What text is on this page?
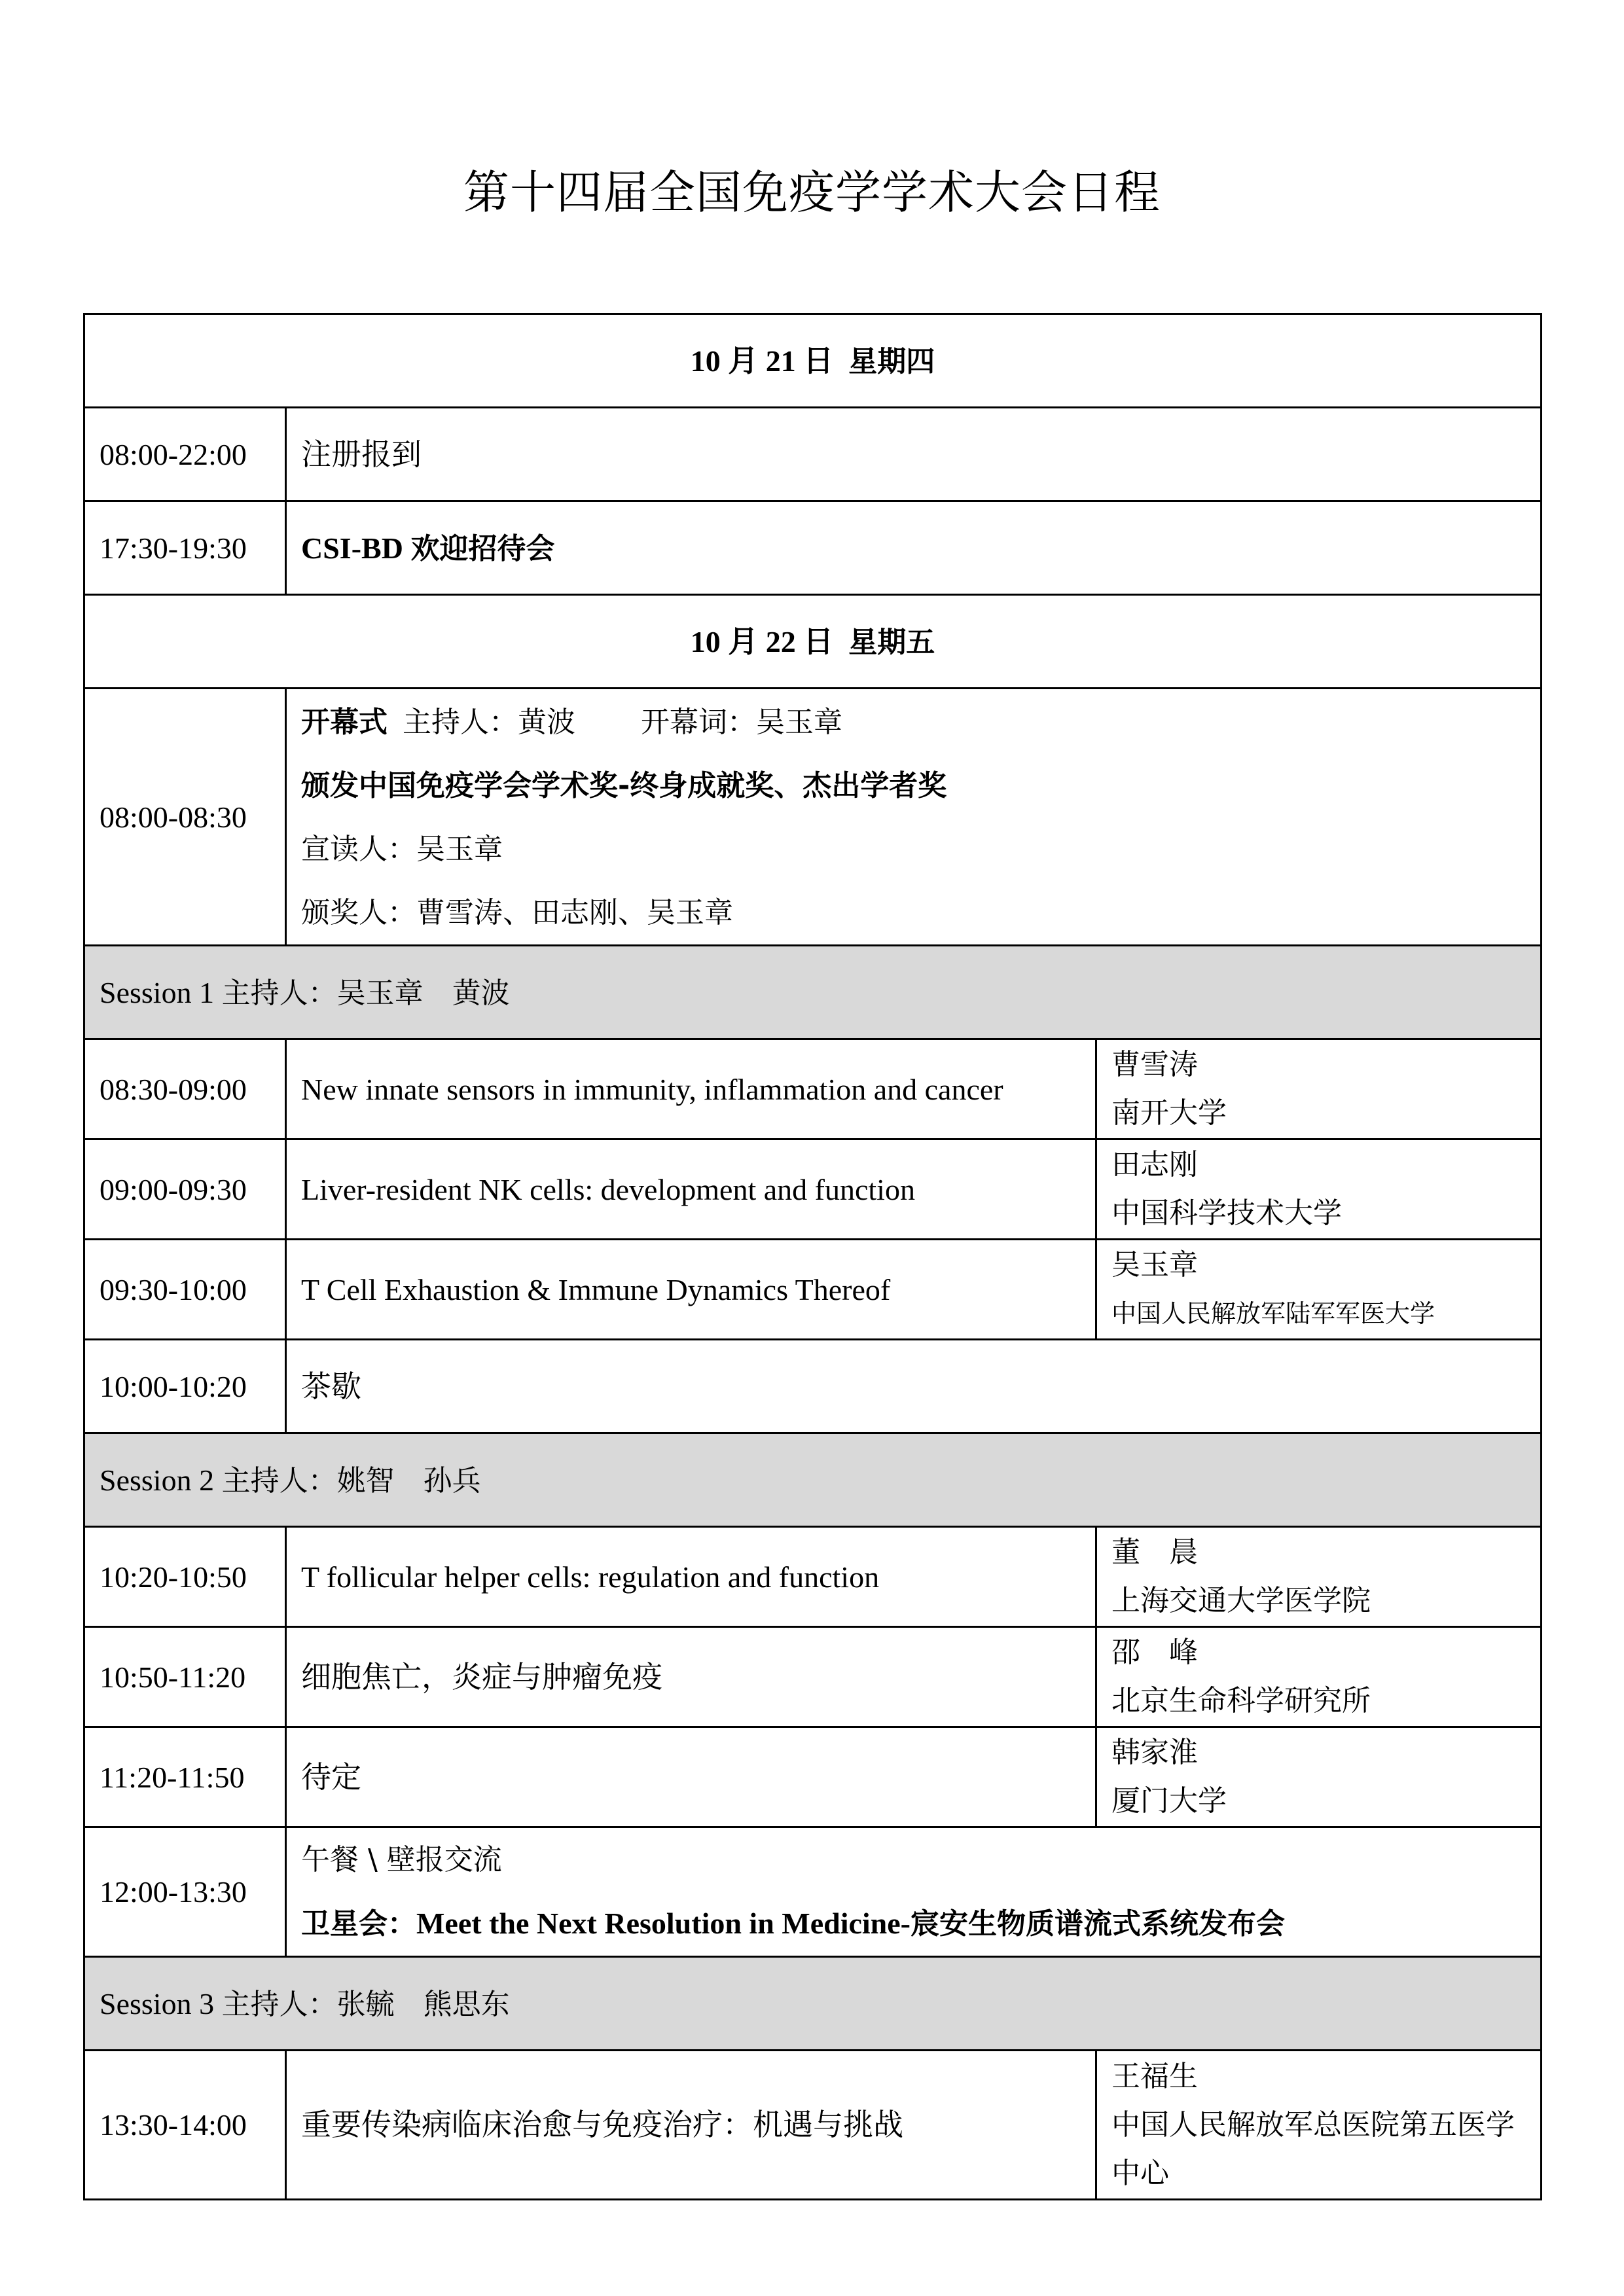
第十四届全国免疫学学术大会日程
10 月 21 日 星期四		
08:00-22:00	注册报到	
17:30-19:30	CSI-BD 欢迎招待会	
10 月 22 日 星期五		
08:00-08:30	开幕式 主持人：黄波 开幕词：吴玉章
颁发中国免疫学会学术奖-终身成就奖、杰出学者奖
宣读人：吴玉章
颁奖人：曹雪涛、田志刚、吴玉章	

Session 1 主持人：吴玉章　黄波		
08:30-09:00	New innate sensors in immunity, inflammation and cancer	曹雪涛
南开大学

09:00-09:30	Liver-resident NK cells: development and function	田志刚
中国科学技术大学

09:30-10:00	T Cell Exhaustion & Immune Dynamics Thereof	吴玉章
中国人民解放军陆军军医大学

10:00-10:20	茶歇	
Session 2 主持人：姚智　孙兵		
10:20-10:50	T follicular helper cells: regulation and function	董　晨
上海交通大学医学院

10:50-11:20	细胞焦亡，炎症与肿瘤免疫	邵　峰
北京生命科学研究所

11:20-11:50	待定	韩家淮
厦门大学

12:00-13:30	午餐 \ 壁报交流
卫星会：Meet the Next Resolution in Medicine-宸安生物质谱流式系统发布会	

Session 3 主持人：张毓　熊思东		
13:30-14:00	重要传染病临床治愈与免疫治疗：机遇与挑战	王福生
中国人民解放军总医院第五医学中心
